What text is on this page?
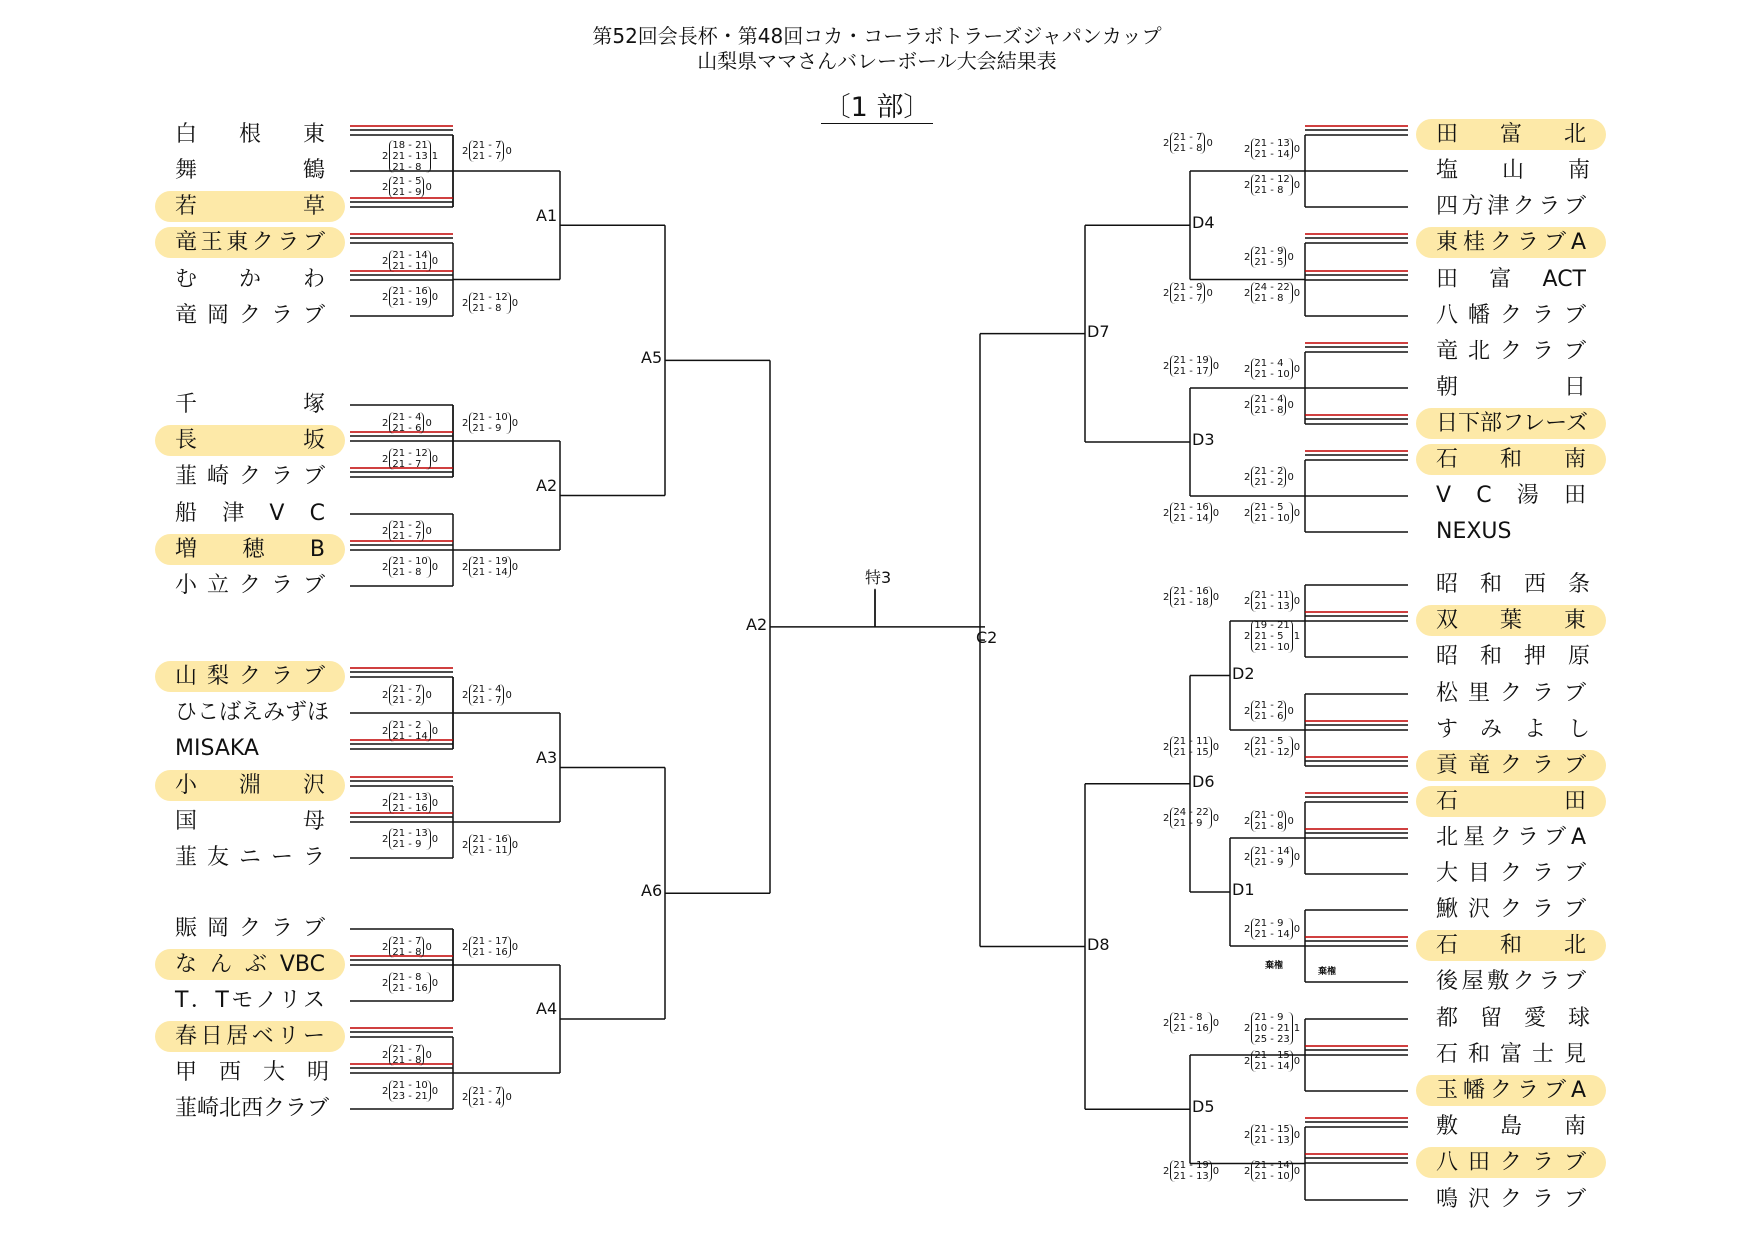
第52回会長杯・第48回コカ・コーラボトラーズジャパンカップ
山梨県ママさんバレーボール大会結果表
〔1 部〕
白　根　東
舞　　　鶴
若　　　草
竜王東クラブ
む　か　わ
竜岡クラブ
千　　　塚
長　　　坂
韮崎クラブ
船　津　V　C
増　穂　B
小立クラブ
山梨クラブ
ひこばえみずほ
MISAKA
小　淵　沢
国　　　母
韮友ニーラ
賑岡クラブ
なんぶVBC
T．Tモノリス
春日居ベリー
甲　西　大　明
韮崎北西クラブ
田　富　北
塩　　山　　南
四方津クラブ
東桂クラブA
田富ACT
八幡クラブ
竜北クラブ
朝　　　日
日下部フレーズ
石　和　南
V　C　湯　田
NEXUS
昭　和　西　条
双　葉　東
昭　和　押　原
松里クラブ
す　み　よ　し
貢竜クラブ
石　　　田
北星クラブA
大目クラブ
鰍沢クラブ
石　和　北
後屋敷クラブ
都　留　愛　球
石和富士見
玉幡クラブA
敷　島　南
八田クラブ
鳴沢クラブ
A1
A2
A3
A4
A5
A6
A2
C2
特3
D4
D3
D2
D1
D6
D5
D7
D8
2
18 - 21
21 - 13
21 - 8
1 2 21 - 7
21 - 7 0
2 21 - 5
21 - 9 0
2 21 - 14
21 - 11 0
2 21 - 16
21 - 19 0
2 21 - 12
21 - 8	0
2 21 - 4
21 - 6 0	2 21 - 10
21 - 9	0
2 21 - 12
21 - 7	0
2 21 - 2
21 - 7 0
2 21 - 10
21 - 8	0 2 21 - 19
21 - 14 0
2 21 - 7
21 - 2 0	2 21 - 4
21 - 7 0
2 21 - 2
21 - 14 0
2 21 - 13
21 - 16 0
2 21 - 13
21 - 9	0
2 21 - 16
21 - 11 0
2 21 - 7
21 - 8 0	2 21 - 17
21 - 16 0
2 21 - 8
21 - 16 0
2 21 - 7
21 - 8 0
2 21 - 10
23 - 21 0
2 21 - 7
21 - 4 0
2 21 - 7
21 - 8 0
2 21 - 13
21 - 14 0
2 21 - 12
21 - 8	0
2 21 - 9
21 - 5 0
2 21 - 9
21 - 7 0	2 24 - 22
21 - 8	0
2 21 - 19
21 - 17 0 2 21 - 4
21 - 10 0
2 21 - 4
21 - 8 0
2 21 - 2
21 - 2 0
2 21 - 16
21 - 14 0 2 21 - 5
21 - 10 0
2 21 - 16
21 - 18 0 2 21 - 11
21 - 13 0
2
19 - 21
21 - 5
21 - 10
1
2 21 - 2
21 - 6 0
2 21 - 11
21 - 15 0 2 21 - 5
21 - 12 0
2 24 - 22
21 - 9	0 2 21 - 0
21 - 8 0
2 21 - 14
21 - 9	0
2 21 - 9
21 - 14 0
2 21 - 8
21 - 16 0 2
21 - 9
10 - 21
25 - 23
1
2 21 - 15
21 - 14 0
2 21 - 15
21 - 13 0
2 21 - 19
21 - 13 0 2 21 - 14
21 - 10 0
棄権
棄権
